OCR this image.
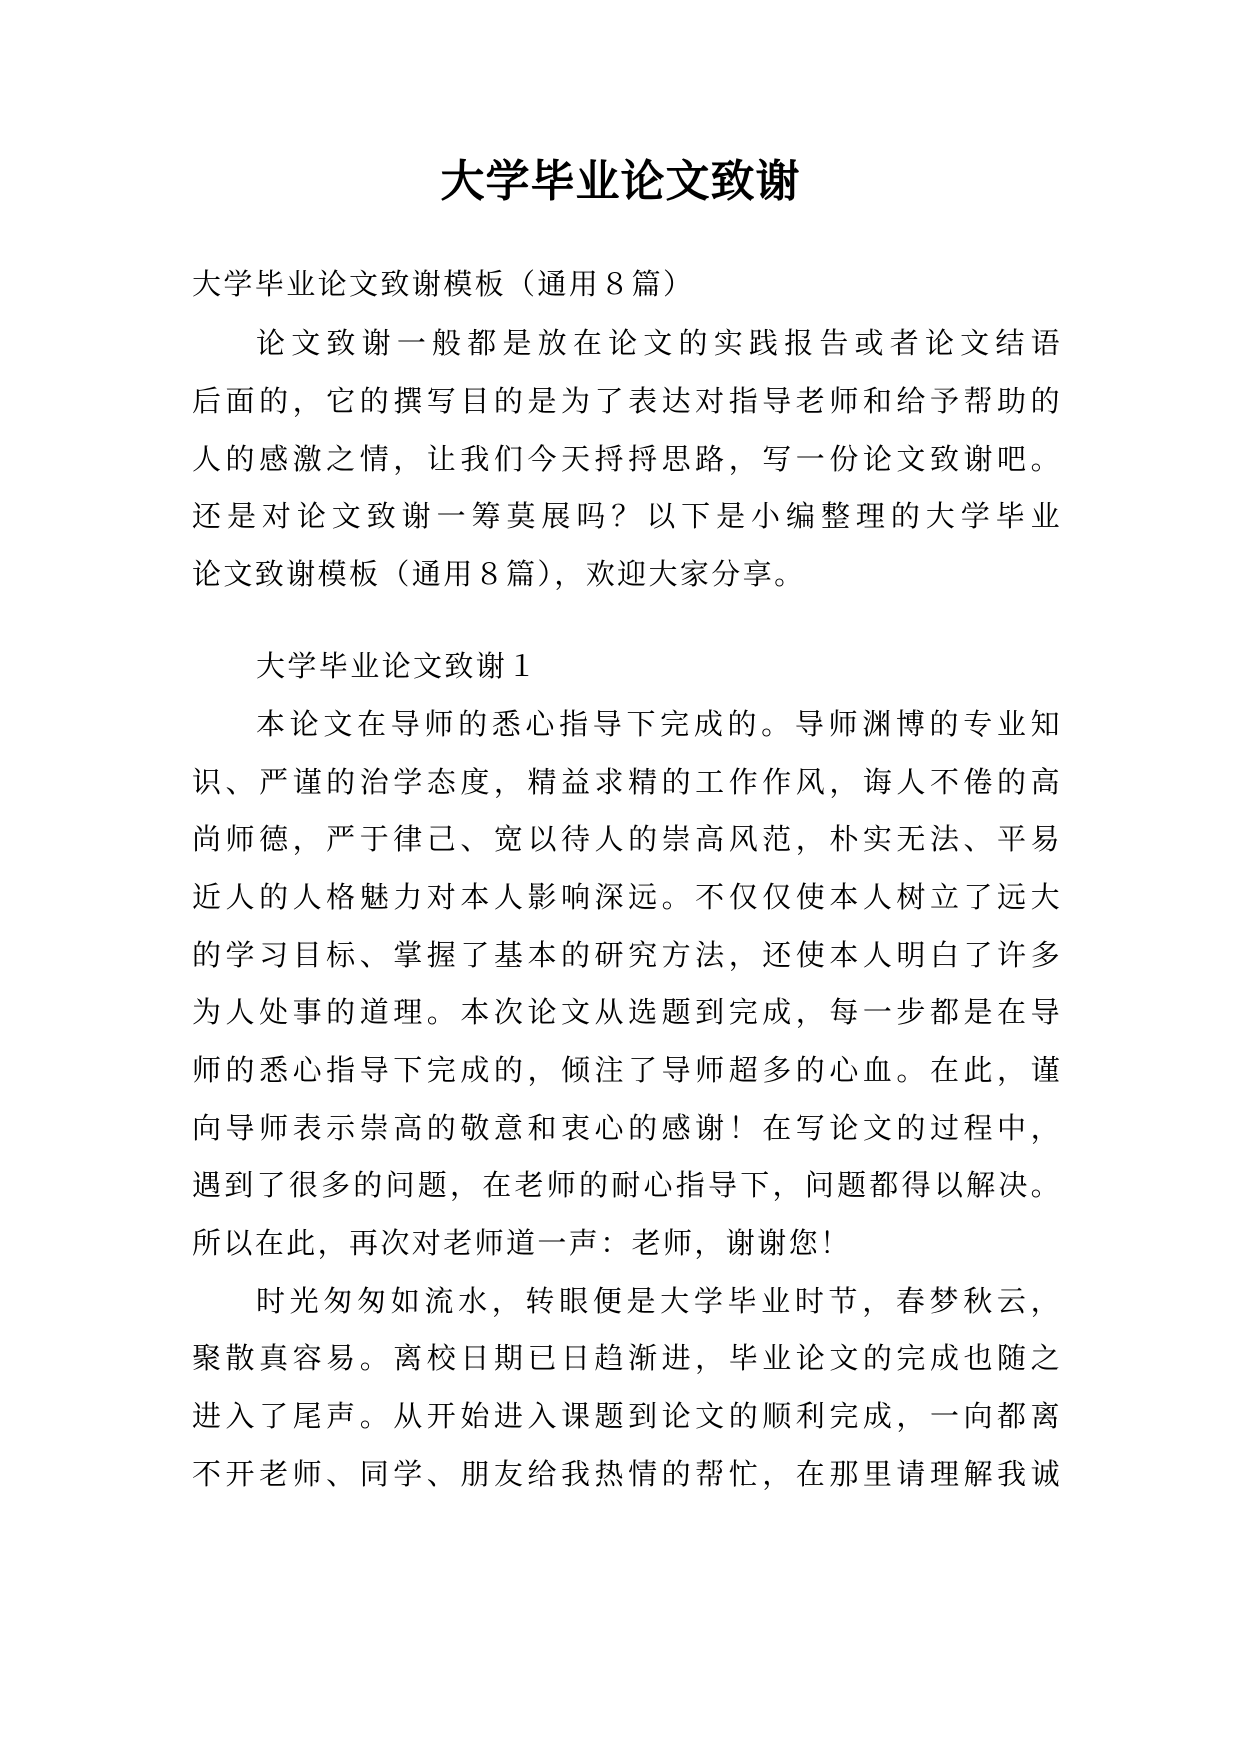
大学毕业论文致谢
大学毕业论文致谢模板（通用８篇）
论文致谢一般都是放在论文的实践报告或者论文结语
后面的，它的撰写目的是为了表达对指导老师和给予帮助的
人的感激之情，让我们今天捋捋思路，写一份论文致谢吧。
还是对论文致谢一筹莫展吗？以下是小编整理的大学毕业
论文致谢模板（通用８篇），欢迎大家分享。
大学毕业论文致谢１
本论文在导师的悉心指导下完成的。导师渊博的专业知
识、严谨的治学态度，精益求精的工作作风，诲人不倦的高
尚师德，严于律己、宽以待人的崇高风范，朴实无法、平易
近人的人格魅力对本人影响深远。不仅仅使本人树立了远大
的学习目标、掌握了基本的研究方法，还使本人明白了许多
为人处事的道理。本次论文从选题到完成，每一步都是在导
师的悉心指导下完成的，倾注了导师超多的心血。在此，谨
向导师表示崇高的敬意和衷心的感谢！在写论文的过程中，
遇到了很多的问题，在老师的耐心指导下，问题都得以解决。
所以在此，再次对老师道一声：老师，谢谢您！
时光匆匆如流水，转眼便是大学毕业时节，春梦秋云，
聚散真容易。离校日期已日趋渐进，毕业论文的完成也随之
进入了尾声。从开始进入课题到论文的顺利完成，一向都离
不开老师、同学、朋友给我热情的帮忙，在那里请理解我诚
